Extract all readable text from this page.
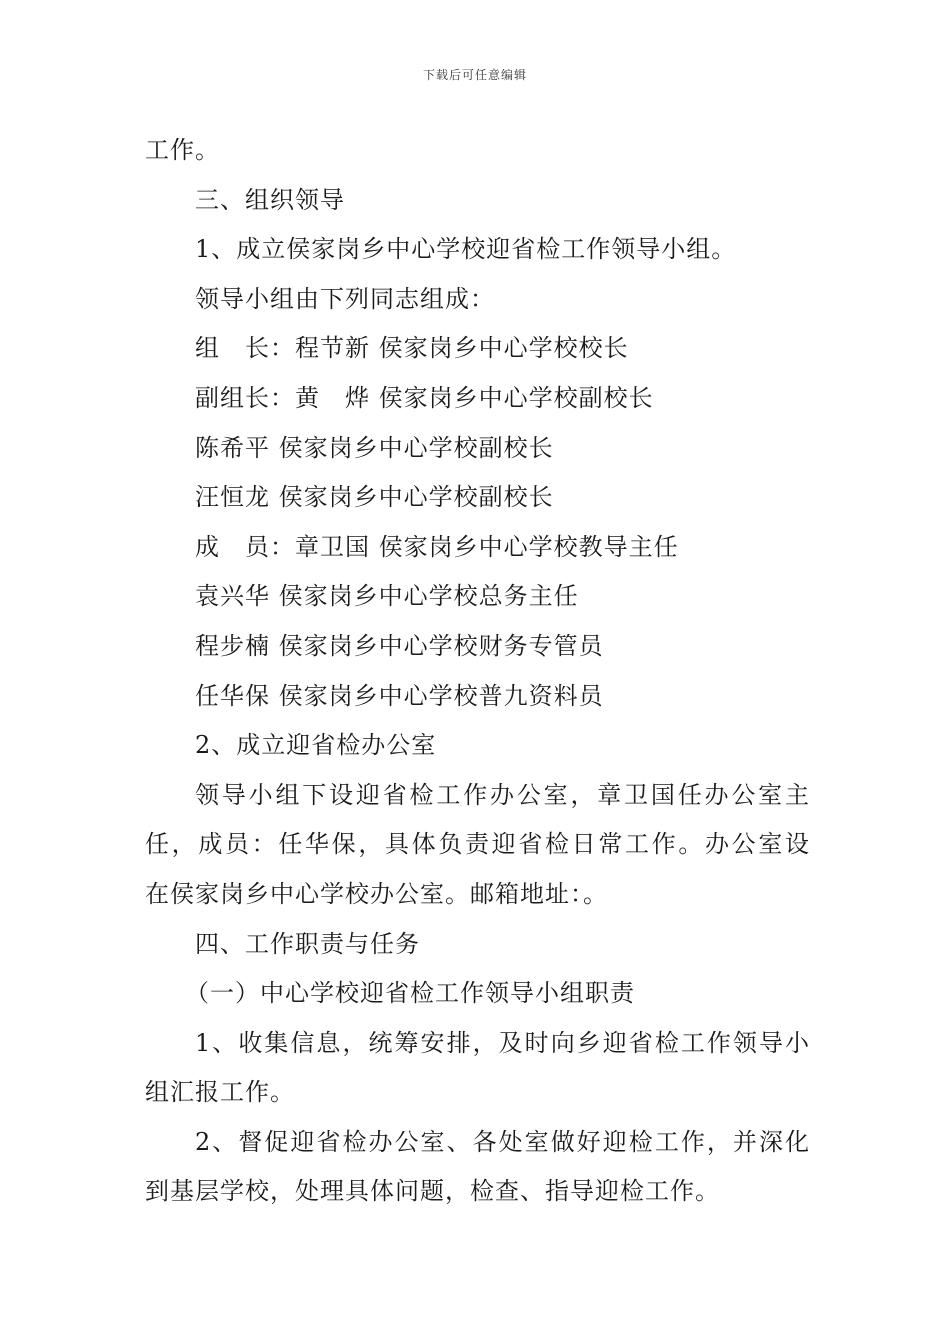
下载后可任意编辑
工作。
三、组织领导
1、成立侯家岗乡中心学校迎省检工作领导小组。
领导小组由下列同志组成：
组　长：程节新 侯家岗乡中心学校校长
副组长：黄　烨 侯家岗乡中心学校副校长
陈希平 侯家岗乡中心学校副校长
汪恒龙 侯家岗乡中心学校副校长
成　员：章卫国 侯家岗乡中心学校教导主任
袁兴华 侯家岗乡中心学校总务主任
程步楠 侯家岗乡中心学校财务专管员
任华保 侯家岗乡中心学校普九资料员
2、成立迎省检办公室
领导小组下设迎省检工作办公室，章卫国任办公室主
任，成员：任华保，具体负责迎省检日常工作。办公室设
在侯家岗乡中心学校办公室。邮箱地址：。
四、工作职责与任务
（一）中心学校迎省检工作领导小组职责
1、收集信息，统筹安排，及时向乡迎省检工作领导小
组汇报工作。
2、督促迎省检办公室、各处室做好迎检工作，并深化
到基层学校，处理具体问题，检查、指导迎检工作。
